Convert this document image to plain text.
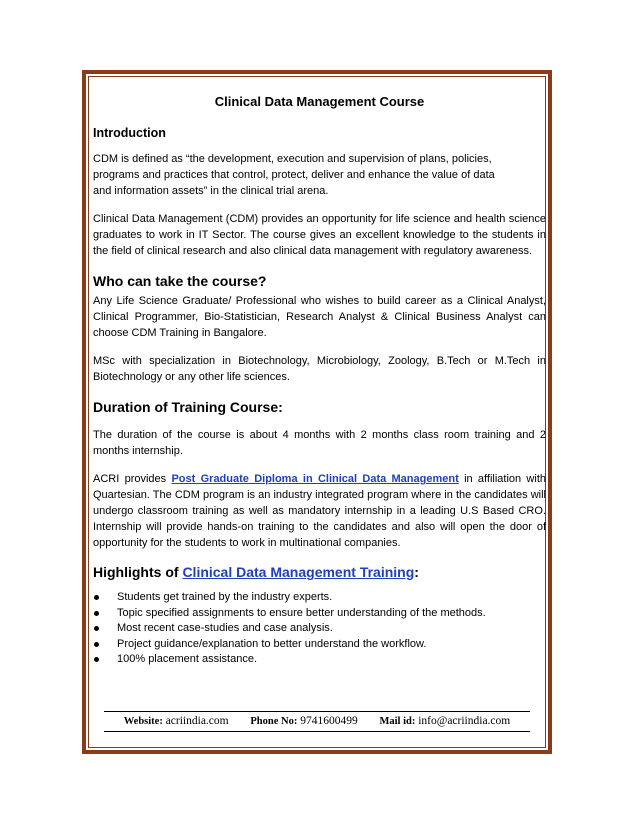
Clinical Data Management Course
Introduction

CDM is defined as “the development, execution and supervision of plans, policies,
programs and practices that control, protect, deliver and enhance the value of data
and information assets” in the clinical trial arena.

Clinical Data Management (CDM) provides an opportunity for life science and health science graduates to work in IT Sector. The course gives an excellent knowledge to the students in the field of clinical research and also clinical data management with regulatory awareness.

Who can take the course?

Any Life Science Graduate/ Professional who wishes to build career as a Clinical Analyst, Clinical Programmer, Bio-Statistician, Research Analyst & Clinical Business Analyst can choose CDM Training in Bangalore.

MSc with specialization in Biotechnology, Microbiology, Zoology, B.Tech or M.Tech in Biotechnology or any other life sciences.

Duration of Training Course:

The duration of the course is about 4 months with 2 months class room training and 2 months internship.

ACRI provides Post Graduate Diploma in Clinical Data Management in affiliation with Quartesian. The CDM program is an industry integrated program where in the candidates will undergo classroom training as well as mandatory internship in a leading U.S Based CRO. Internship will provide hands-on training to the candidates and also will open the door of opportunity for the students to work in multinational companies.

Highlights of Clinical Data Management Training:
Students get trained by the industry experts.
Topic specified assignments to ensure better understanding of the methods.
Most recent case-studies and case analysis.
Project guidance/explanation to better understand the workflow.
100% placement assistance.
Website: acriindia.com Phone No: 9741600499 Mail id: info@acriindia.com
